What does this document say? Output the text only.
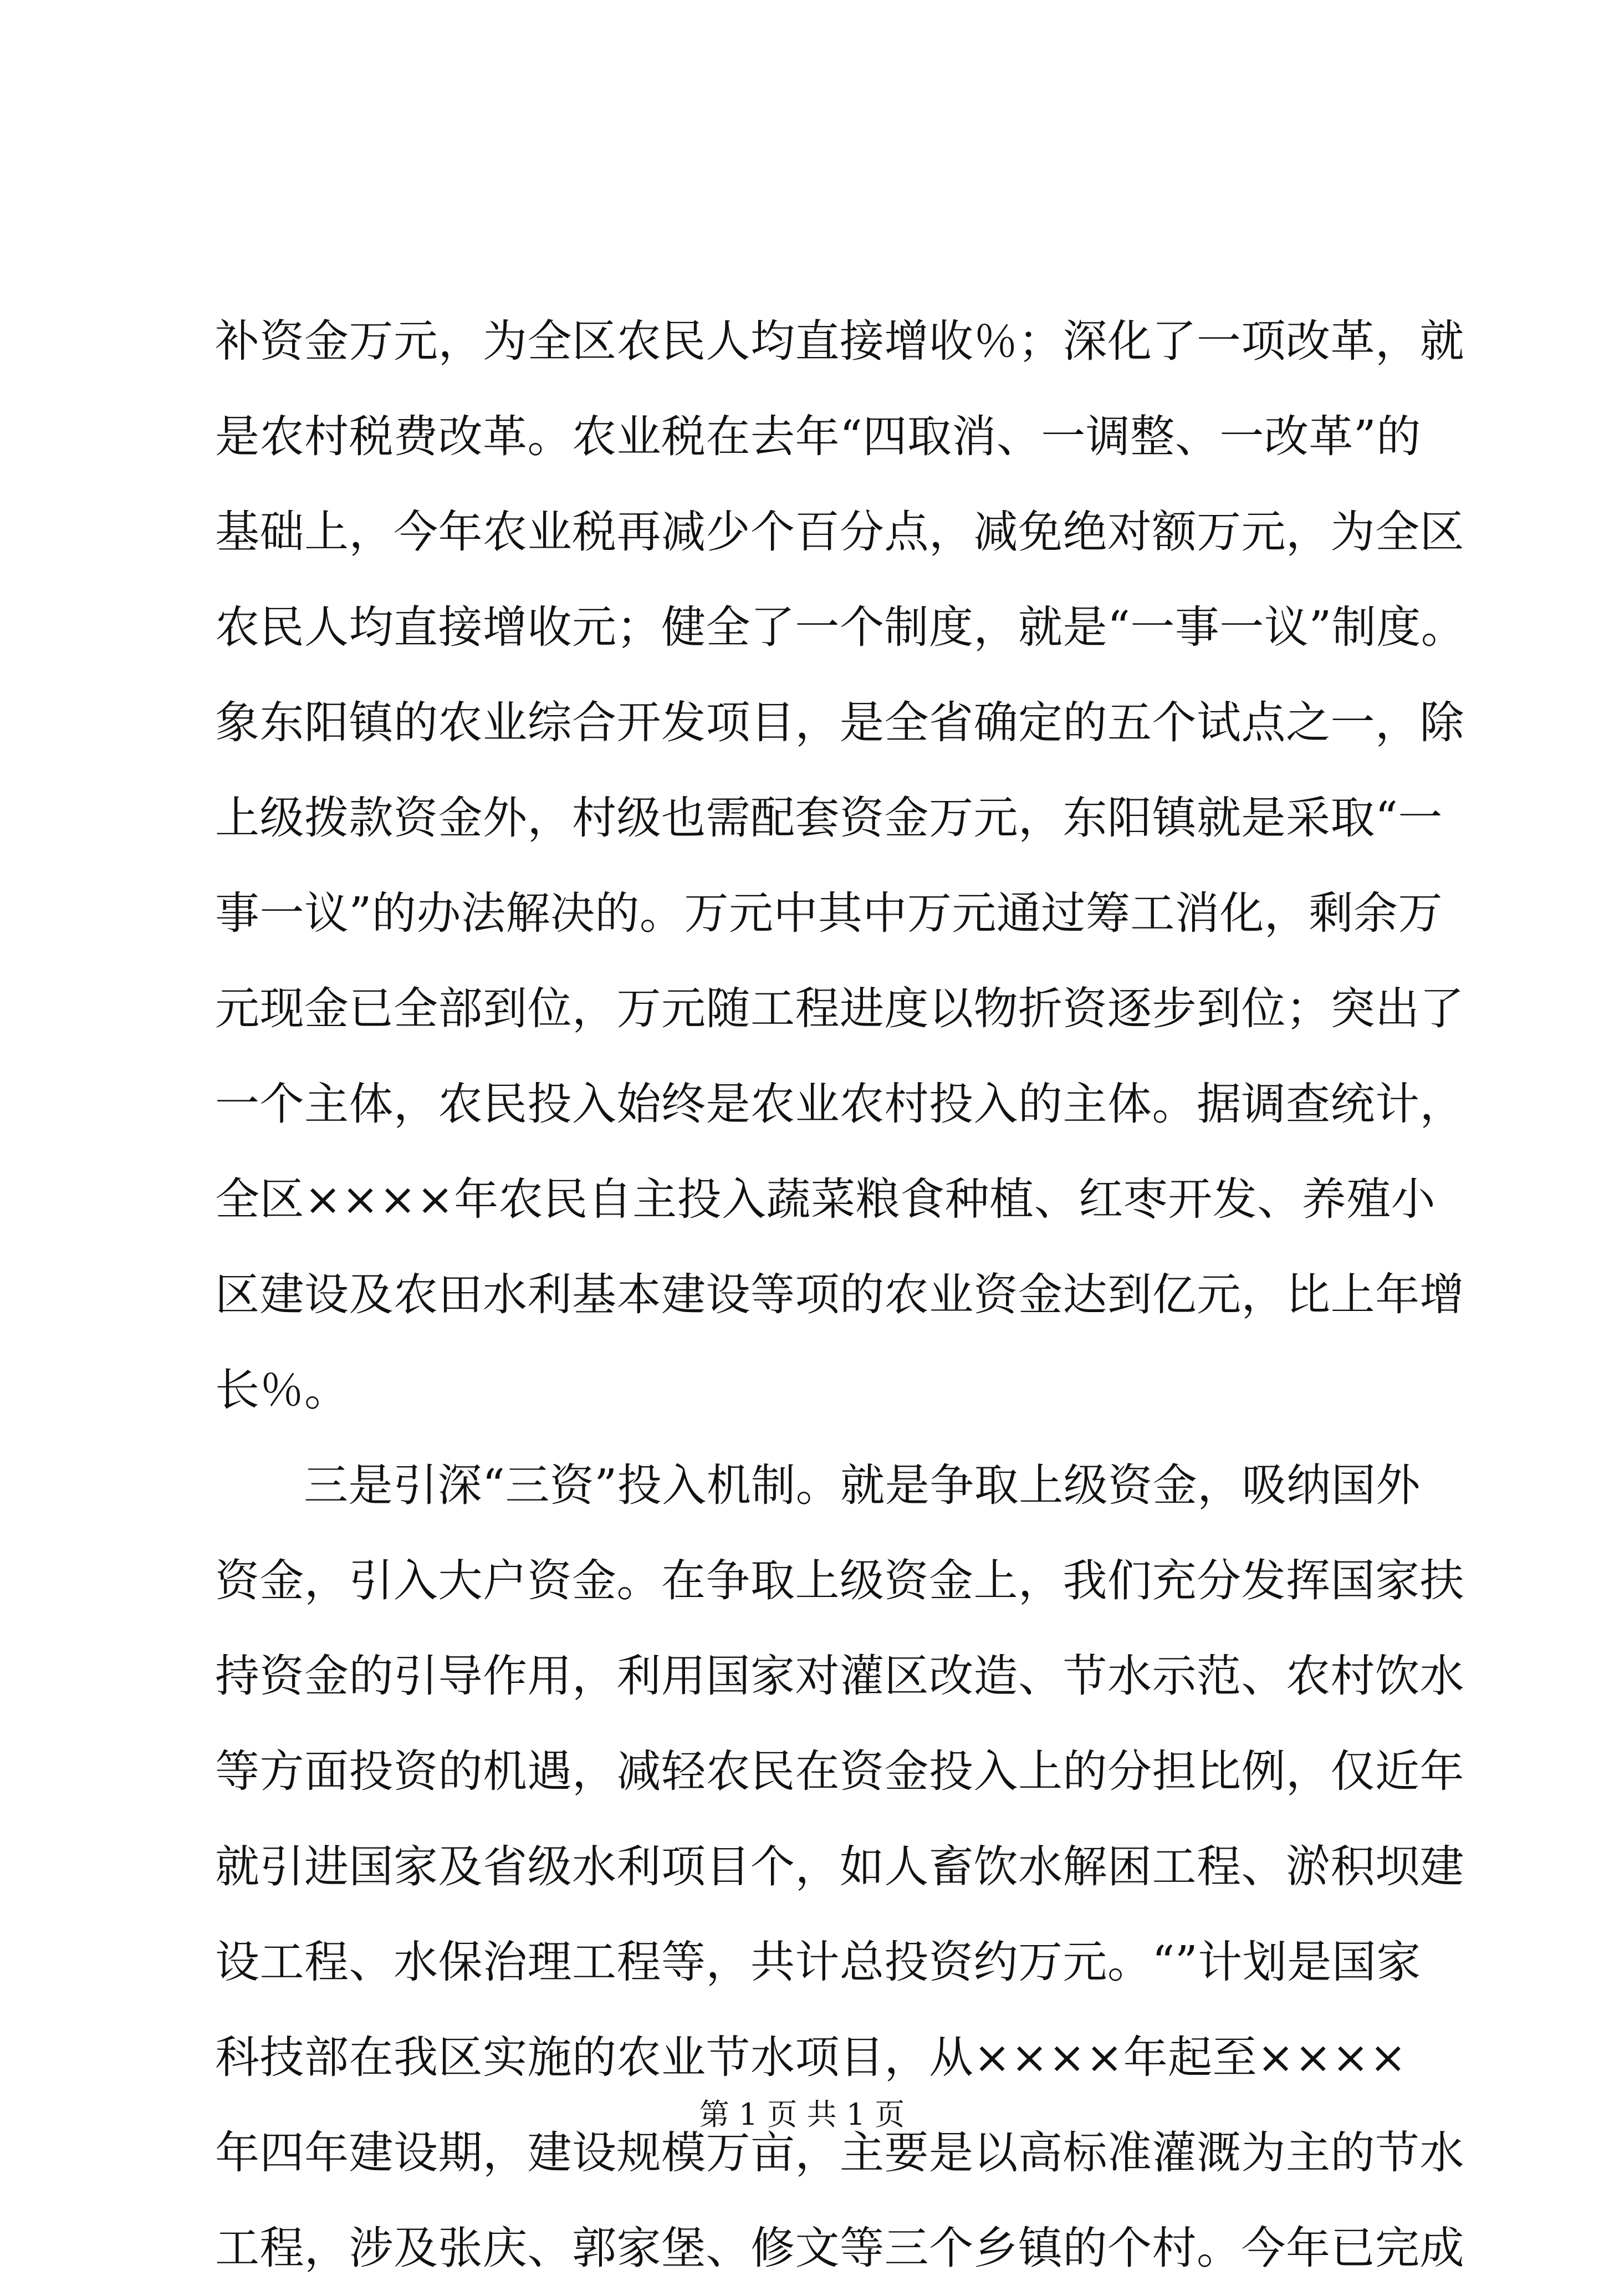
补资金万元，为全区农民人均直接增收％；深化了一项改革，就
是农村税费改革。农业税在去年“四取消、一调整、一改革”的
基础上，今年农业税再减少个百分点，减免绝对额万元，为全区
农民人均直接增收元；健全了一个制度，就是“一事一议”制度。
象东阳镇的农业综合开发项目，是全省确定的五个试点之一，除
上级拨款资金外，村级也需配套资金万元，东阳镇就是采取“一
事一议”的办法解决的。万元中其中万元通过筹工消化，剩余万
元现金已全部到位，万元随工程进度以物折资逐步到位；突出了
一个主体，农民投入始终是农业农村投入的主体。据调查统计，
全区××××年农民自主投入蔬菜粮食种植、红枣开发、养殖小
区建设及农田水利基本建设等项的农业资金达到亿元，比上年增
长％。
三是引深“三资”投入机制。就是争取上级资金，吸纳国外
资金，引入大户资金。在争取上级资金上，我们充分发挥国家扶
持资金的引导作用，利用国家对灌区改造、节水示范、农村饮水
等方面投资的机遇，减轻农民在资金投入上的分担比例，仅近年
就引进国家及省级水利项目个，如人畜饮水解困工程、淤积坝建
设工程、水保治理工程等，共计总投资约万元。“”计划是国家
科技部在我区实施的农业节水项目，从××××年起至××××
年四年建设期，建设规模万亩，主要是以高标准灌溉为主的节水
工程，涉及张庆、郭家堡、修文等三个乡镇的个村。今年已完成
第 1 页 共 1 页
